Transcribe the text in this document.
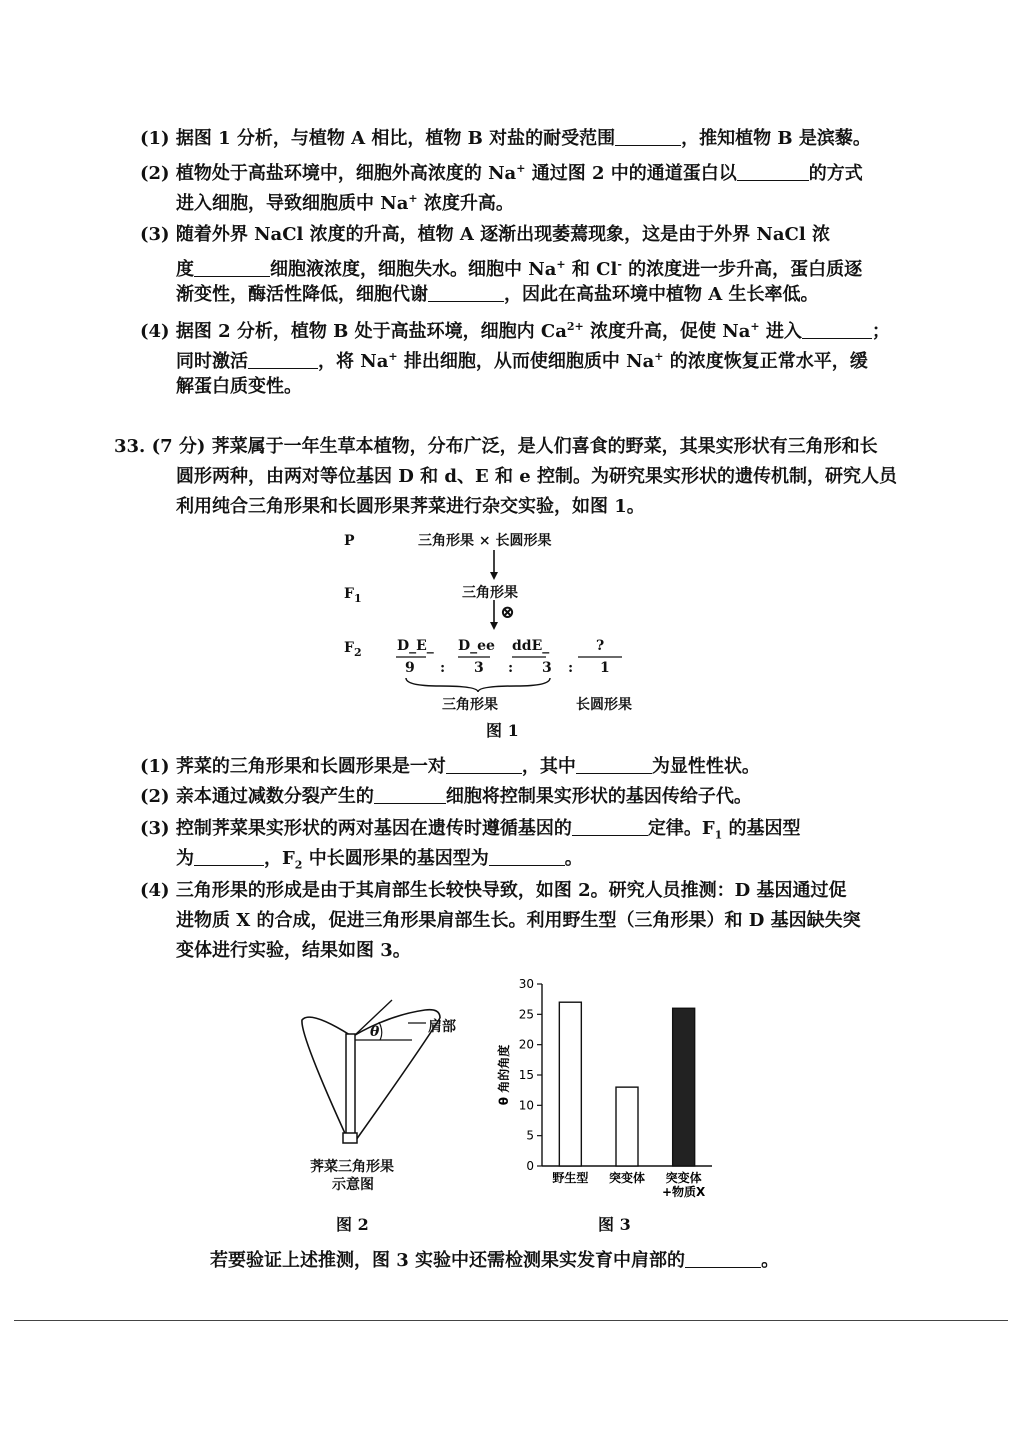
(1) 据图 1 分析，与植物 A 相比，植物 B 对盐的耐受范围	，推知植物 B 是滨藜。
(2) 植物处于高盐环境中，细胞外高浓度的 Na+ 通过图 2 中的通道蛋白以	的方式
进入细胞，导致细胞质中 Na+ 浓度升高。
(3) 随着外界 NaCl 浓度的升高，植物 A 逐渐出现萎蔫现象，这是由于外界 NaCl 浓
度	细胞液浓度，细胞失水。细胞中 Na+ 和 Cl- 的浓度进一步升高，蛋白质逐
渐变性，酶活性降低，细胞代谢	，因此在高盐环境中植物 A 生长率低。
(4) 据图 2 分析，植物 B 处于高盐环境，细胞内 $Ca^{2+}$ 浓度升高，促使 Na+ 进入	；
同时激活	，将 Na+ 排出细胞，从而使细胞质中 Na+ 的浓度恢复正常水平，缓
解蛋白质变性。
33. (7 分) 荠菜属于一年生草本植物，分布广泛，是人们喜食的野菜，其果实形状有三角形和长
圆形两种，由两对等位基因 D 和 d、E 和 e 控制。为研究果实形状的遗传机制，研究人员
利用纯合三角形果和长圆形果荠菜进行杂交实验，如图 1。
P	三角形果 × 长圆形果
$F_1$	三角形果
⊗
$F_2$	D_E_ D_ee ddE_	?
9 : 3 : 3 : 1
三角形果	长圆形果
图 1
(1) 荠菜的三角形果和长圆形果是一对	，其中	为显性性状。
(2) 亲本通过减数分裂产生的	细胞将控制果实形状的基因传给子代。
(3) 控制荠菜果实形状的两对基因在遗传时遵循基因的	定律。$F_1$ 的基因型
为	，$F_2$ 中长圆形果的基因型为	。
(4) 三角形果的形成是由于其肩部生长较快导致，如图 2。研究人员推测：D 基因通过促
进物质 X 的合成，促进三角形果肩部生长。利用野生型（三角形果）和 D 基因缺失突
变体进行实验，结果如图 3。
θ	肩部
荠菜三角形果
示意图
图 2
0
5
10
15
20
25
30
θ 角的角度
野生型 突变体 突变体
+物质X
图 3
若要验证上述推测，图 3 实验中还需检测果实发育中肩部的	。
